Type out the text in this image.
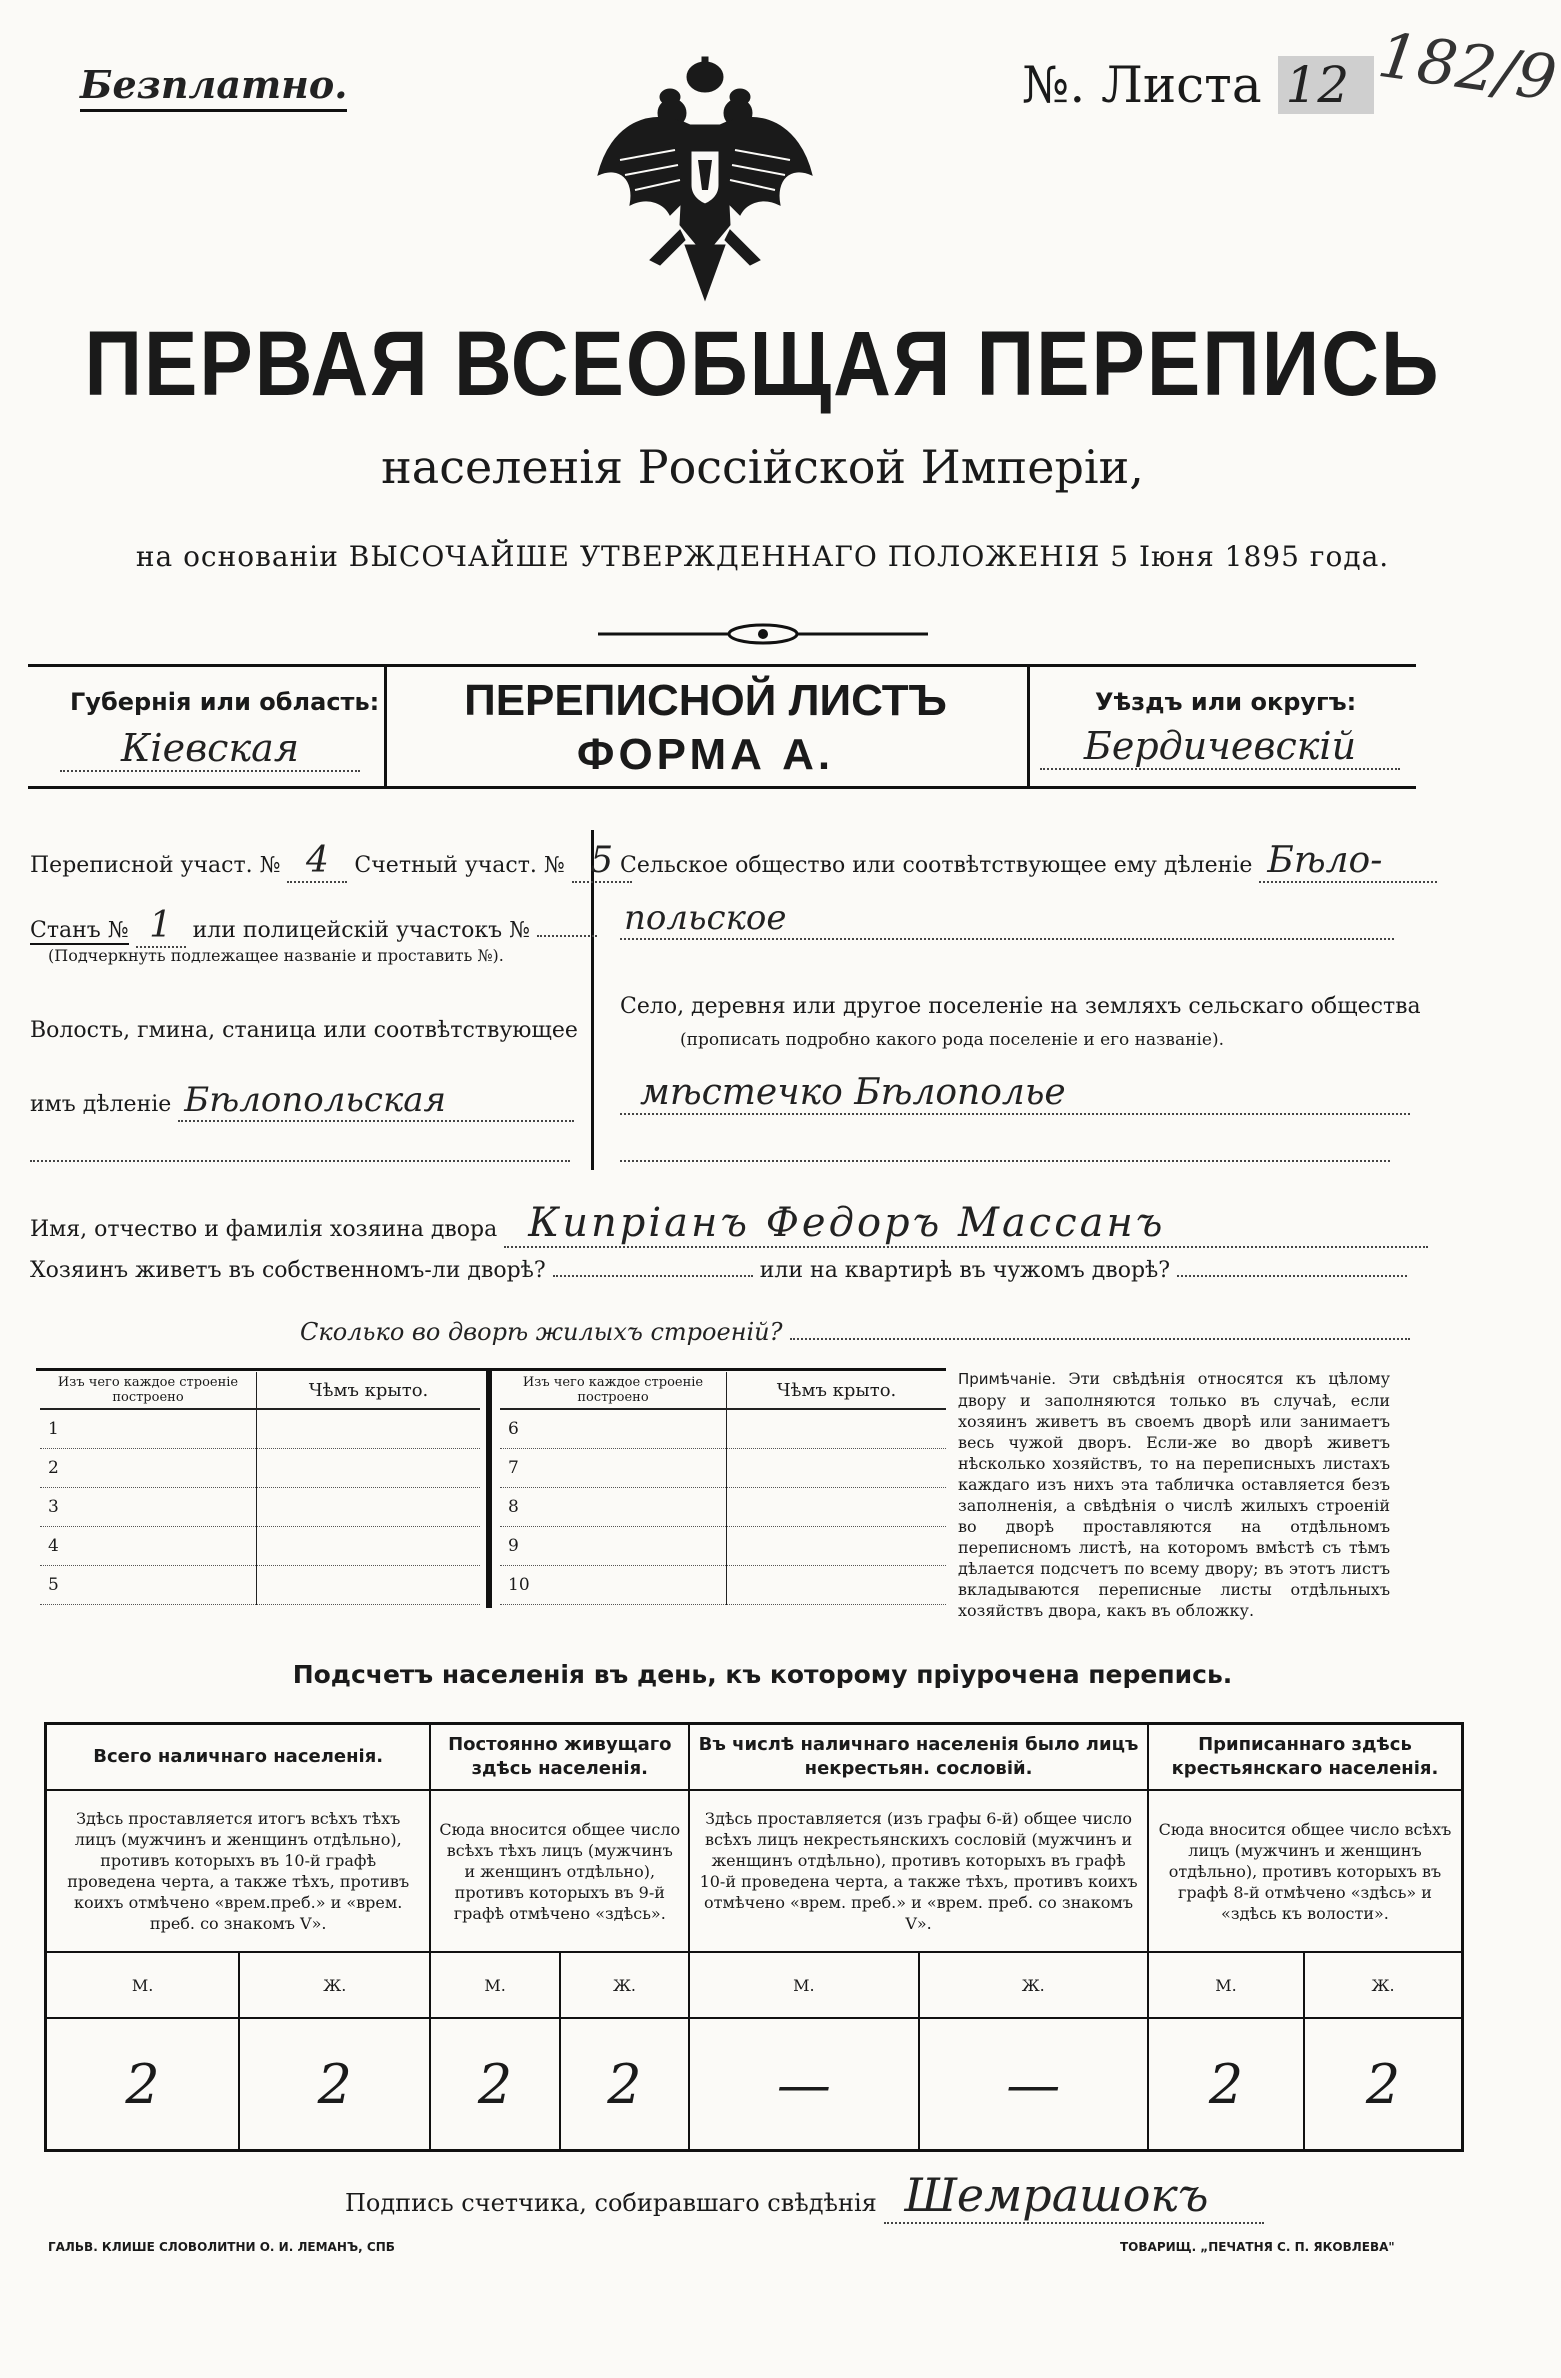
Безплатно.	№. Листа 12 182/9
ПЕРВАЯ ВСЕОБЩАЯ ПЕРЕПИСЬ
населенія Россійской Имперіи,
на основаніи ВЫСОЧАЙШЕ УТВЕРЖДЕННАГО ПОЛОЖЕНІЯ 5 Іюня 1895 года.
Губернія или область:
Кіевская
ПЕРЕПИСНОЙ ЛИСТЪ
ФОРМА А.
Уѣздъ или округъ:
Бердичевскій
Переписной участ. № 4 Счетный участ. № 5
Станъ № 1 или полицейскій участокъ №
(Подчеркнуть подлежащее названіе и проставить №).
Волость, гмина, станица или соотвѣтствующее
имъ дѣленіе Бѣлопольская
Сельское общество или соотвѣтствующее ему дѣленіе Бѣло-
польское
Село, деревня или другое поселеніе на земляхъ сельскаго общества
(прописать подробно какого рода поселеніе и его названіе).
мѣстечко Бѣлополье
Имя, отчество и фамилія хозяина двора Кипріанъ Федоръ Массанъ
Хозяинъ живетъ въ собственномъ-ли дворѣ?	или на квартирѣ въ чужомъ дворѣ?
Сколько во дворѣ жилыхъ строеній?
Изъ чего каждое строеніе построено	Чѣмъ крыто.
1	
2	
3	
4	
5	
Изъ чего каждое строеніе построено	Чѣмъ крыто.
6	
7	
8	
9	
10	
Примѣчаніе. Эти свѣдѣнія относятся къ цѣлому двору и заполняются только въ случаѣ, если хозяинъ живетъ въ своемъ дворѣ или занимаетъ весь чужой дворъ. Если-же во дворѣ живетъ нѣсколько хозяйствъ, то на переписныхъ листахъ каждаго изъ нихъ эта табличка оставляется безъ заполненія, а свѣдѣнія о числѣ жилыхъ строеній во дворѣ проставляются на отдѣльномъ переписномъ листѣ, на которомъ вмѣстѣ съ тѣмъ дѣлается подсчетъ по всему двору; въ этотъ листъ вкладываются переписные листы отдѣльныхъ хозяйствъ двора, какъ въ обложку.
Подсчетъ населенія въ день, къ которому пріурочена перепись.
Всего наличнаго населенія.		Постоянно живущаго здѣсь населенія.		Въ числѣ наличнаго населенія было лицъ некрестьян. сословій.		Приписаннаго здѣсь крестьянскаго населенія.	
Здѣсь проставляется итогъ всѣхъ тѣхъ лицъ (мужчинъ и женщинъ отдѣльно), противъ которыхъ въ 10-й графѣ проведена черта, а также тѣхъ, противъ коихъ отмѣчено «врем.преб.» и «врем. преб. со знакомъ V».		Сюда вносится общее число всѣхъ тѣхъ лицъ (мужчинъ и женщинъ отдѣльно), противъ которыхъ въ 9-й графѣ отмѣчено «здѣсь».		Здѣсь проставляется (изъ графы 6-й) общее число всѣхъ лицъ некрестьянскихъ сословій (мужчинъ и женщинъ отдѣльно), противъ которыхъ въ графѣ 10-й проведена черта, а также тѣхъ, противъ коихъ отмѣчено «врем. преб.» и «врем. преб. со знакомъ V».		Сюда вносится общее число всѣхъ лицъ (мужчинъ и женщинъ отдѣльно), противъ которыхъ въ графѣ 8-й отмѣчено «здѣсь» и «здѣсь къ волости».	
М.	Ж.	М.	Ж.	М.	Ж.	М.	Ж.
2	2	2	2	—	—	2	2
Подпись счетчика, собиравшаго свѣдѣнія Шемрашокъ
ГАЛЬВ. КЛИШЕ СЛОВОЛИТНИ О. И. ЛЕМАНЪ, СПБ	ТОВАРИЩ. „ПЕЧАТНЯ С. П. ЯКОВЛЕВА"
